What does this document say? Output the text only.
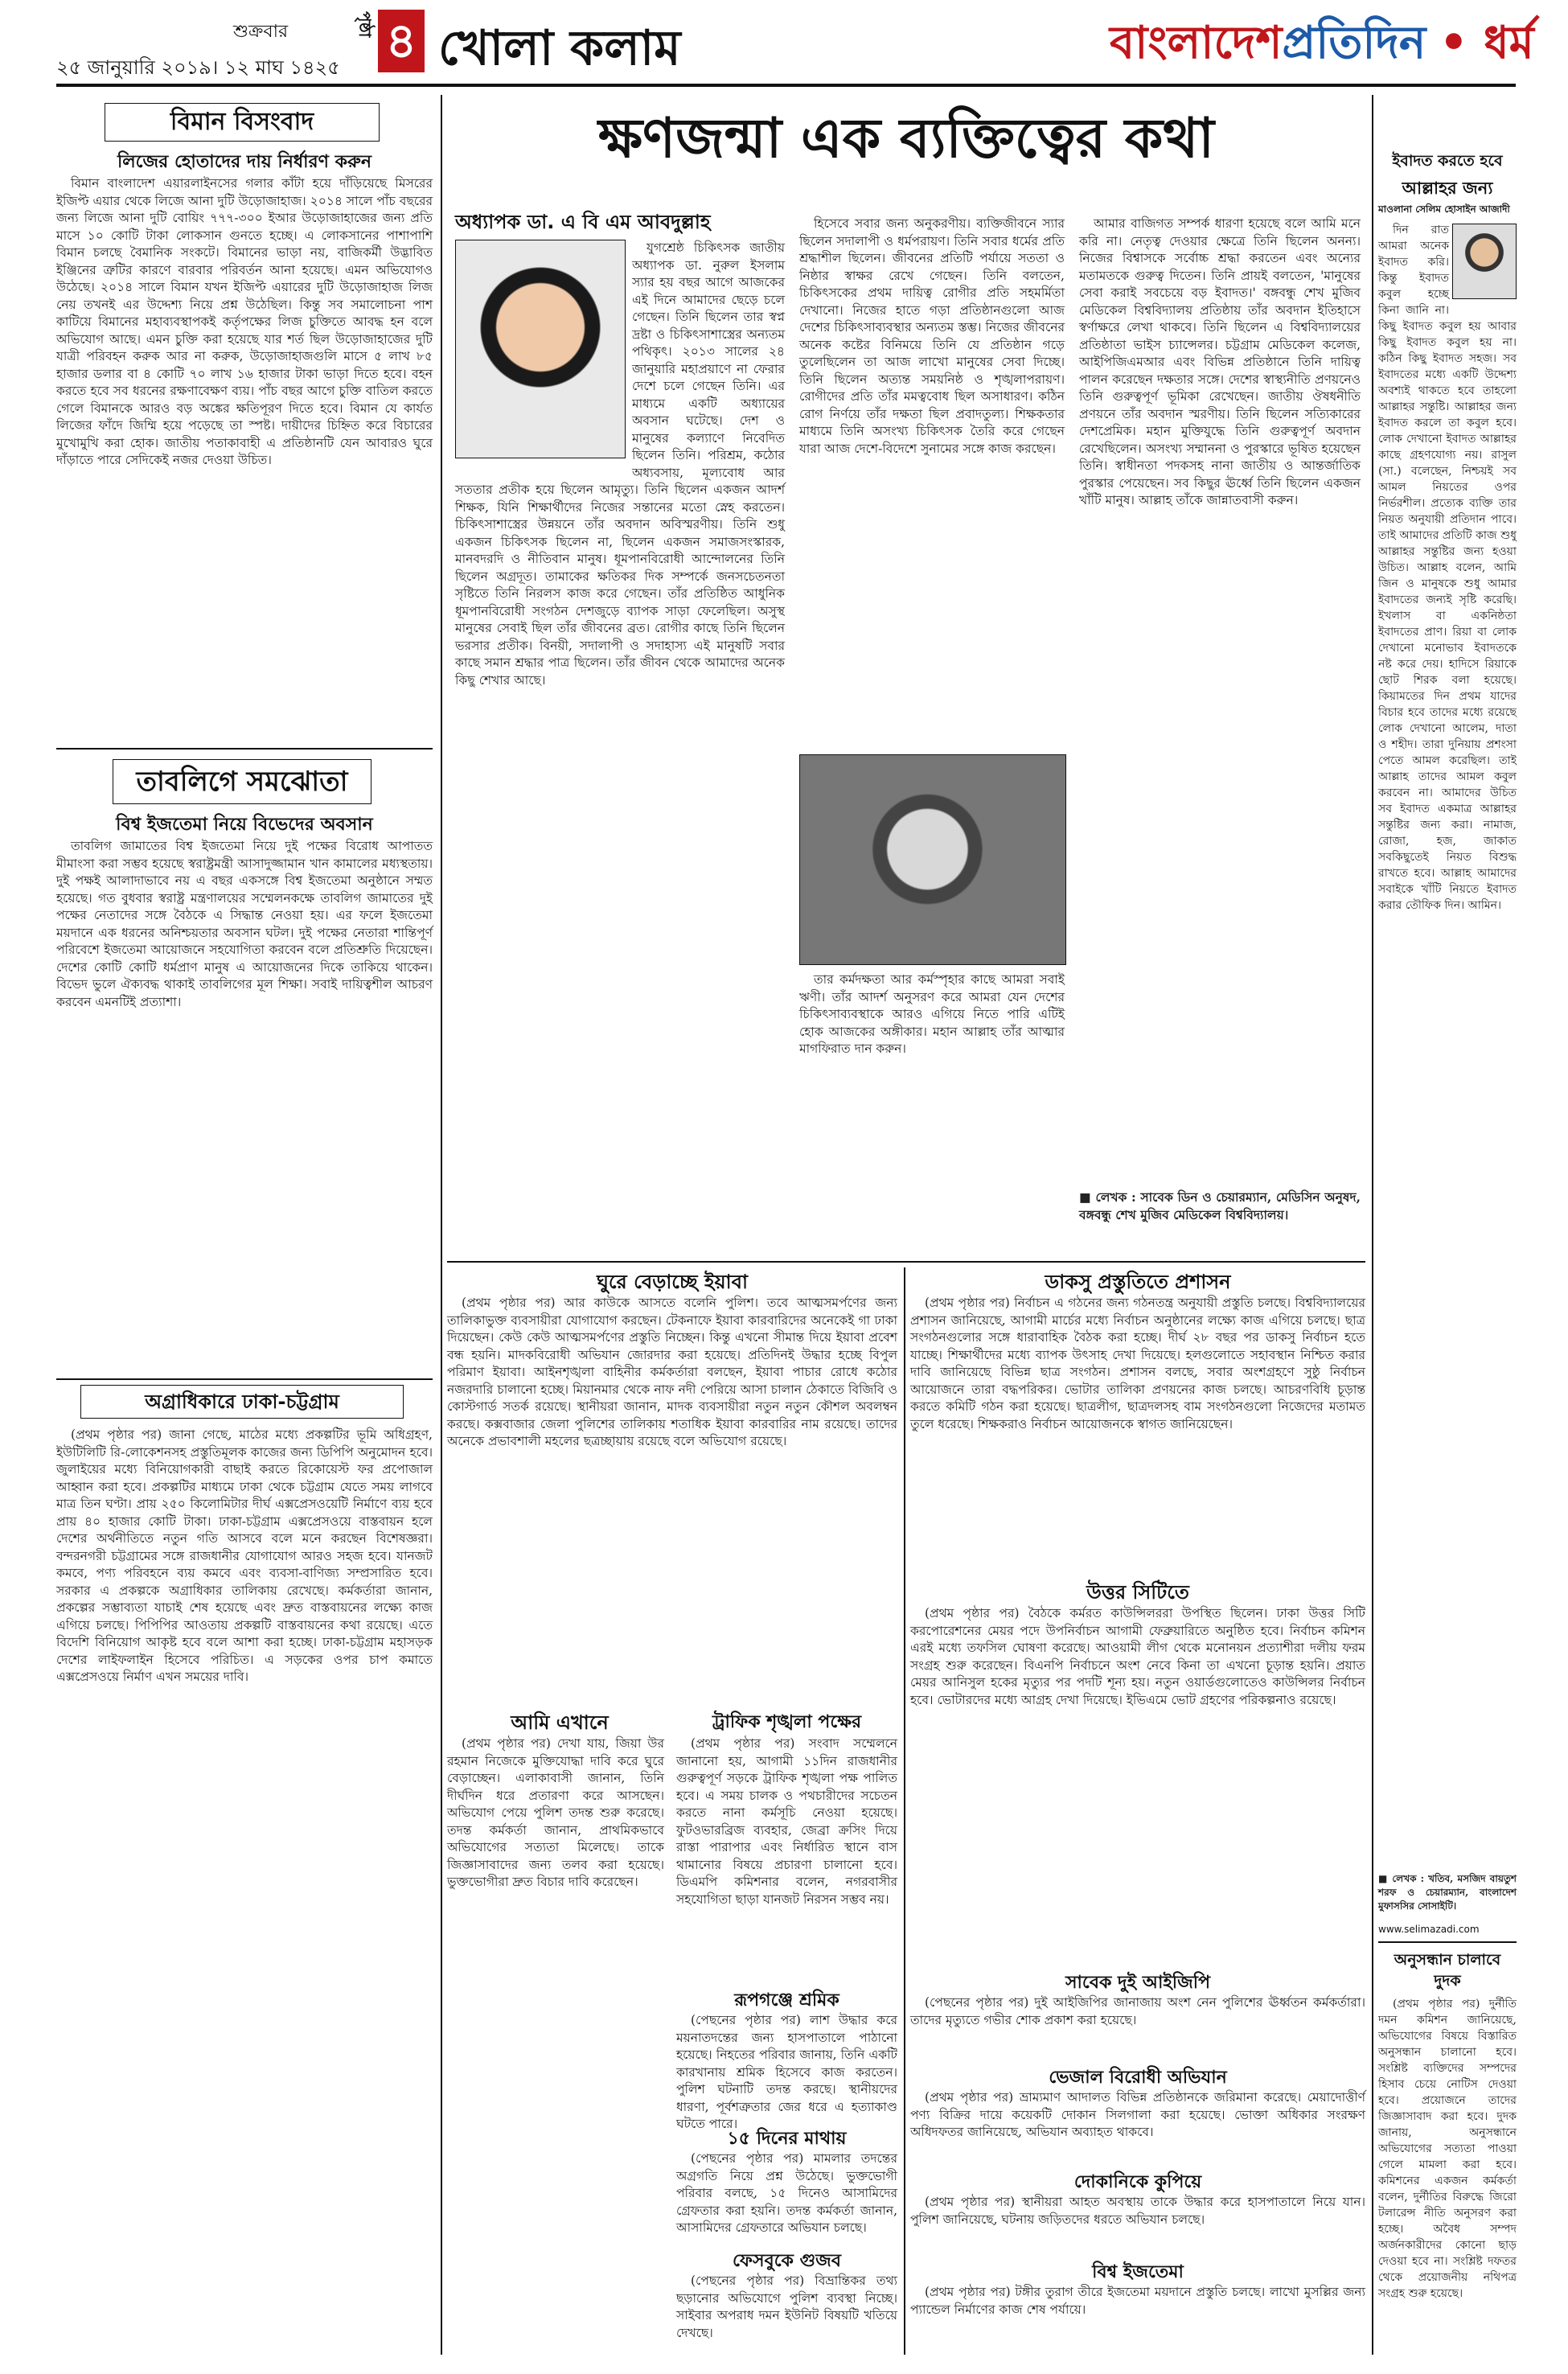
শুক্রবার
২৫ জানুয়ারি ২০১৯। ১২ মাঘ ১৪২৫
পৃষ্ঠা ৪ খোলা কলাম	বাংলাদেশপ্রতিদিন • ধর্ম
বিমান বিসংবাদ
লিজের হোতাদের দায় নির্ধারণ করুন

বিমান বাংলাদেশ এয়ারলাইনসের গলার কাঁটা হয়ে দাঁড়িয়েছে মিসরের ইজিপ্ট এয়ার থেকে লিজে আনা দুটি উড়োজাহাজ। ২০১৪ সালে পাঁচ বছরের জন্য লিজে আনা দুটি বোয়িং ৭৭৭-৩০০ ইআর উড়োজাহাজের জন্য প্রতি মাসে ১০ কোটি টাকা লোকসান গুনতে হচ্ছে। এ লোকসানের পাশাপাশি বিমান চলছে বৈমানিক সংকটে। বিমানের ভাড়া নয়, বাজিকর্মী উদ্ভাবিত ইঞ্জিনের ত্রুটির কারণে বারবার পরিবর্তন আনা হয়েছে। এমন অভিযোগও উঠেছে। ২০১৪ সালে বিমান যখন ইজিপ্ট এয়ারের দুটি উড়োজাহাজ লিজ নেয় তখনই এর উদ্দেশ্য নিয়ে প্রশ্ন উঠেছিল। কিন্তু সব সমালোচনা পাশ কাটিয়ে বিমানের মহাব্যবস্থাপকই কর্তৃপক্ষের লিজ চুক্তিতে আবদ্ধ হন বলে অভিযোগ আছে। এমন চুক্তি করা হয়েছে যার শর্ত ছিল উড়োজাহাজের দুটি যাত্রী পরিবহন করুক আর না করুক, উড়োজাহাজগুলি মাসে ৫ লাখ ৮৫ হাজার ডলার বা ৪ কোটি ৭০ লাখ ১৬ হাজার টাকা ভাড়া দিতে হবে। বহন করতে হবে সব ধরনের রক্ষণাবেক্ষণ ব্যয়। পাঁচ বছর আগে চুক্তি বাতিল করতে গেলে বিমানকে আরও বড় অঙ্কের ক্ষতিপূরণ দিতে হবে। বিমান যে কার্যত লিজের ফাঁদে জিম্মি হয়ে পড়েছে তা স্পষ্ট। দায়ীদের চিহ্নিত করে বিচারের মুখোমুখি করা হোক। জাতীয় পতাকাবাহী এ প্রতিষ্ঠানটি যেন আবারও ঘুরে দাঁড়াতে পারে সেদিকেই নজর দেওয়া উচিত।

তাবলিগে সমঝোতা
বিশ্ব ইজতেমা নিয়ে বিভেদের অবসান

তাবলিগ জামাতের বিশ্ব ইজতেমা নিয়ে দুই পক্ষের বিরোধ আপাতত মীমাংসা করা সম্ভব হয়েছে স্বরাষ্ট্রমন্ত্রী আসাদুজ্জামান খান কামালের মধ্যস্থতায়। দুই পক্ষই আলাদাভাবে নয় এ বছর একসঙ্গে বিশ্ব ইজতেমা অনুষ্ঠানে সম্মত হয়েছে। গত বুধবার স্বরাষ্ট্র মন্ত্রণালয়ের সম্মেলনকক্ষে তাবলিগ জামাতের দুই পক্ষের নেতাদের সঙ্গে বৈঠকে এ সিদ্ধান্ত নেওয়া হয়। এর ফলে ইজতেমা ময়দানে এক ধরনের অনিশ্চয়তার অবসান ঘটল। দুই পক্ষের নেতারা শান্তিপূর্ণ পরিবেশে ইজতেমা আয়োজনে সহযোগিতা করবেন বলে প্রতিশ্রুতি দিয়েছেন। দেশের কোটি কোটি ধর্মপ্রাণ মানুষ এ আয়োজনের দিকে তাকিয়ে থাকেন। বিভেদ ভুলে ঐক্যবদ্ধ থাকাই তাবলিগের মূল শিক্ষা। সবাই দায়িত্বশীল আচরণ করবেন এমনটিই প্রত্যাশা।

অগ্রাধিকারে ঢাকা-চট্টগ্রাম

(প্রথম পৃষ্ঠার পর) জানা গেছে, মাঠের মধ্যে প্রকল্পটির ভূমি অধিগ্রহণ, ইউটিলিটি রি-লোকেশনসহ প্রস্তুতিমূলক কাজের জন্য ডিপিপি অনুমোদন হবে। জুলাইয়ের মধ্যে বিনিয়োগকারী বাছাই করতে রিকোয়েস্ট ফর প্রপোজাল আহ্বান করা হবে। প্রকল্পটির মাধ্যমে ঢাকা থেকে চট্টগ্রাম যেতে সময় লাগবে মাত্র তিন ঘণ্টা। প্রায় ২৫০ কিলোমিটার দীর্ঘ এক্সপ্রেসওয়েটি নির্মাণে ব্যয় হবে প্রায় ৪০ হাজার কোটি টাকা। ঢাকা-চট্টগ্রাম এক্সপ্রেসওয়ে বাস্তবায়ন হলে দেশের অর্থনীতিতে নতুন গতি আসবে বলে মনে করছেন বিশেষজ্ঞরা। বন্দরনগরী চট্টগ্রামের সঙ্গে রাজধানীর যোগাযোগ আরও সহজ হবে। যানজট কমবে, পণ্য পরিবহনে ব্যয় কমবে এবং ব্যবসা-বাণিজ্য সম্প্রসারিত হবে। সরকার এ প্রকল্পকে অগ্রাধিকার তালিকায় রেখেছে। কর্মকর্তারা জানান, প্রকল্পের সম্ভাব্যতা যাচাই শেষ হয়েছে এবং দ্রুত বাস্তবায়নের লক্ষ্যে কাজ এগিয়ে চলছে। পিপিপির আওতায় প্রকল্পটি বাস্তবায়নের কথা রয়েছে। এতে বিদেশি বিনিয়োগ আকৃষ্ট হবে বলে আশা করা হচ্ছে। ঢাকা-চট্টগ্রাম মহাসড়ক দেশের লাইফলাইন হিসেবে পরিচিত। এ সড়কের ওপর চাপ কমাতে এক্সপ্রেসওয়ে নির্মাণ এখন সময়ের দাবি।

ক্ষণজন্মা এক ব্যক্তিত্বের কথা
অধ্যাপক ডা. এ বি এম আবদুল্লাহ

যুগশ্রেষ্ঠ চিকিৎসক জাতীয় অধ্যাপক ডা. নুরুল ইসলাম স্যার হয় বছর আগে আজকের এই দিনে আমাদের ছেড়ে চলে গেছেন। তিনি ছিলেন তার স্বপ্ন দ্রষ্টা ও চিকিৎসাশাস্ত্রের অন্যতম পথিকৃৎ। ২০১৩ সালের ২৪ জানুয়ারি মহাপ্রয়াণে না ফেরার দেশে চলে গেছেন তিনি। এর মাধ্যমে একটি অধ্যায়ের অবসান ঘটেছে। দেশ ও মানুষের কল্যাণে নিবেদিত ছিলেন তিনি। পরিশ্রম, কঠোর অধ্যবসায়, মূল্যবোধ আর সততার প্রতীক হয়ে ছিলেন আমৃত্যু। তিনি ছিলেন একজন আদর্শ শিক্ষক, যিনি শিক্ষার্থীদের নিজের সন্তানের মতো স্নেহ করতেন। চিকিৎসাশাস্ত্রের উন্নয়নে তাঁর অবদান অবিস্মরণীয়। তিনি শুধু একজন চিকিৎসক ছিলেন না, ছিলেন একজন সমাজসংস্কারক, মানবদরদি ও নীতিবান মানুষ। ধূমপানবিরোধী আন্দোলনের তিনি ছিলেন অগ্রদূত। তামাকের ক্ষতিকর দিক সম্পর্কে জনসচেতনতা সৃষ্টিতে তিনি নিরলস কাজ করে গেছেন। তাঁর প্রতিষ্ঠিত আধুনিক ধূমপানবিরোধী সংগঠন দেশজুড়ে ব্যাপক সাড়া ফেলেছিল। অসুস্থ মানুষের সেবাই ছিল তাঁর জীবনের ব্রত। রোগীর কাছে তিনি ছিলেন ভরসার প্রতীক। বিনয়ী, সদালাপী ও সদাহাস্য এই মানুষটি সবার কাছে সমান শ্রদ্ধার পাত্র ছিলেন। তাঁর জীবন থেকে আমাদের অনেক কিছু শেখার আছে।

হিসেবে সবার জন্য অনুকরণীয়। ব্যক্তিজীবনে স্যার ছিলেন সদালাপী ও ধর্মপরায়ণ। তিনি সবার ধর্মের প্রতি শ্রদ্ধাশীল ছিলেন। জীবনের প্রতিটি পর্যায়ে সততা ও নিষ্ঠার স্বাক্ষর রেখে গেছেন। তিনি বলতেন, চিকিৎসকের প্রথম দায়িত্ব রোগীর প্রতি সহমর্মিতা দেখানো। নিজের হাতে গড়া প্রতিষ্ঠানগুলো আজ দেশের চিকিৎসাব্যবস্থার অন্যতম স্তম্ভ। নিজের জীবনের অনেক কষ্টের বিনিময়ে তিনি যে প্রতিষ্ঠান গড়ে তুলেছিলেন তা আজ লাখো মানুষের সেবা দিচ্ছে। তিনি ছিলেন অত্যন্ত সময়নিষ্ঠ ও শৃঙ্খলাপরায়ণ। রোগীদের প্রতি তাঁর মমত্ববোধ ছিল অসাধারণ। কঠিন রোগ নির্ণয়ে তাঁর দক্ষতা ছিল প্রবাদতুল্য। শিক্ষকতার মাধ্যমে তিনি অসংখ্য চিকিৎসক তৈরি করে গেছেন যারা আজ দেশে-বিদেশে সুনামের সঙ্গে কাজ করছেন।

তার কর্মদক্ষতা আর কর্মস্পৃহার কাছে আমরা সবাই ঋণী। তাঁর আদর্শ অনুসরণ করে আমরা যেন দেশের চিকিৎসাব্যবস্থাকে আরও এগিয়ে নিতে পারি এটিই হোক আজকের অঙ্গীকার। মহান আল্লাহ তাঁর আত্মার মাগফিরাত দান করুন।

আমার বাজিগত সম্পর্ক ধারণা হয়েছে বলে আমি মনে করি না। নেতৃত্ব দেওয়ার ক্ষেত্রে তিনি ছিলেন অনন্য। নিজের বিশ্বাসকে সর্বোচ্চ শ্রদ্ধা করতেন এবং অন্যের মতামতকে গুরুত্ব দিতেন। তিনি প্রায়ই বলতেন, 'মানুষের সেবা করাই সবচেয়ে বড় ইবাদত।' বঙ্গবন্ধু শেখ মুজিব মেডিকেল বিশ্ববিদ্যালয় প্রতিষ্ঠায় তাঁর অবদান ইতিহাসে স্বর্ণাক্ষরে লেখা থাকবে। তিনি ছিলেন এ বিশ্ববিদ্যালয়ের প্রতিষ্ঠাতা ভাইস চ্যান্সেলর। চট্টগ্রাম মেডিকেল কলেজ, আইপিজিএমআর এবং বিভিন্ন প্রতিষ্ঠানে তিনি দায়িত্ব পালন করেছেন দক্ষতার সঙ্গে। দেশের স্বাস্থ্যনীতি প্রণয়নেও তিনি গুরুত্বপূর্ণ ভূমিকা রেখেছেন। জাতীয় ঔষধনীতি প্রণয়নে তাঁর অবদান স্মরণীয়। তিনি ছিলেন সত্যিকারের দেশপ্রেমিক। মহান মুক্তিযুদ্ধে তিনি গুরুত্বপূর্ণ অবদান রেখেছিলেন। অসংখ্য সম্মাননা ও পুরস্কারে ভূষিত হয়েছেন তিনি। স্বাধীনতা পদকসহ নানা জাতীয় ও আন্তর্জাতিক পুরস্কার পেয়েছেন। সব কিছুর ঊর্ধ্বে তিনি ছিলেন একজন খাঁটি মানুষ। আল্লাহ তাঁকে জান্নাতবাসী করুন।

■ লেখক : সাবেক ডিন ও চেয়ারম্যান, মেডিসিন অনুষদ, বঙ্গবন্ধু শেখ মুজিব মেডিকেল বিশ্ববিদ্যালয়।
ঘুরে বেড়াচ্ছে ইয়াবা

(প্রথম পৃষ্ঠার পর) আর কাউকে আসতে বলেনি পুলিশ। তবে আত্মসমর্পণের জন্য তালিকাভুক্ত ব্যবসায়ীরা যোগাযোগ করছেন। টেকনাফে ইয়াবা কারবারিদের অনেকেই গা ঢাকা দিয়েছেন। কেউ কেউ আত্মসমর্পণের প্রস্তুতি নিচ্ছেন। কিন্তু এখনো সীমান্ত দিয়ে ইয়াবা প্রবেশ বন্ধ হয়নি। মাদকবিরোধী অভিযান জোরদার করা হয়েছে। প্রতিদিনই উদ্ধার হচ্ছে বিপুল পরিমাণ ইয়াবা। আইনশৃঙ্খলা বাহিনীর কর্মকর্তারা বলছেন, ইয়াবা পাচার রোধে কঠোর নজরদারি চালানো হচ্ছে। মিয়ানমার থেকে নাফ নদী পেরিয়ে আসা চালান ঠেকাতে বিজিবি ও কোস্টগার্ড সতর্ক রয়েছে। স্থানীয়রা জানান, মাদক ব্যবসায়ীরা নতুন নতুন কৌশল অবলম্বন করছে। কক্সবাজার জেলা পুলিশের তালিকায় শতাধিক ইয়াবা কারবারির নাম রয়েছে। তাদের অনেকে প্রভাবশালী মহলের ছত্রচ্ছায়ায় রয়েছে বলে অভিযোগ রয়েছে।

আমি এখানে

(প্রথম পৃষ্ঠার পর) দেখা যায়, জিয়া উর রহমান নিজেকে মুক্তিযোদ্ধা দাবি করে ঘুরে বেড়াচ্ছেন। এলাকাবাসী জানান, তিনি দীর্ঘদিন ধরে প্রতারণা করে আসছেন। অভিযোগ পেয়ে পুলিশ তদন্ত শুরু করেছে। তদন্ত কর্মকর্তা জানান, প্রাথমিকভাবে অভিযোগের সত্যতা মিলেছে। তাকে জিজ্ঞাসাবাদের জন্য তলব করা হয়েছে। ভুক্তভোগীরা দ্রুত বিচার দাবি করেছেন।

ট্রাফিক শৃঙ্খলা পক্ষের

(প্রথম পৃষ্ঠার পর) সংবাদ সম্মেলনে জানানো হয়, আগামী ১১দিন রাজধানীর গুরুত্বপূর্ণ সড়কে ট্রাফিক শৃঙ্খলা পক্ষ পালিত হবে। এ সময় চালক ও পথচারীদের সচেতন করতে নানা কর্মসূচি নেওয়া হয়েছে। ফুটওভারব্রিজ ব্যবহার, জেব্রা ক্রসিং দিয়ে রাস্তা পারাপার এবং নির্ধারিত স্থানে বাস থামানোর বিষয়ে প্রচারণা চালানো হবে। ডিএমপি কমিশনার বলেন, নগরবাসীর সহযোগিতা ছাড়া যানজট নিরসন সম্ভব নয়।

রূপগঞ্জে শ্রমিক

(পেছনের পৃষ্ঠার পর) লাশ উদ্ধার করে ময়নাতদন্তের জন্য হাসপাতালে পাঠানো হয়েছে। নিহতের পরিবার জানায়, তিনি একটি কারখানায় শ্রমিক হিসেবে কাজ করতেন। পুলিশ ঘটনাটি তদন্ত করছে। স্থানীয়দের ধারণা, পূর্বশত্রুতার জের ধরে এ হত্যাকাণ্ড ঘটতে পারে।

১৫ দিনের মাথায়

(পেছনের পৃষ্ঠার পর) মামলার তদন্তের অগ্রগতি নিয়ে প্রশ্ন উঠেছে। ভুক্তভোগী পরিবার বলছে, ১৫ দিনেও আসামিদের গ্রেফতার করা হয়নি। তদন্ত কর্মকর্তা জানান, আসামিদের গ্রেফতারে অভিযান চলছে।

ফেসবুকে গুজব

(পেছনের পৃষ্ঠার পর) বিভ্রান্তিকর তথ্য ছড়ানোর অভিযোগে পুলিশ ব্যবস্থা নিচ্ছে। সাইবার অপরাধ দমন ইউনিট বিষয়টি খতিয়ে দেখছে।

ডাকসু প্রস্তুতিতে প্রশাসন

(প্রথম পৃষ্ঠার পর) নির্বাচন এ গঠনের জন্য গঠনতন্ত্র অনুযায়ী প্রস্তুতি চলছে। বিশ্ববিদ্যালয়ের প্রশাসন জানিয়েছে, আগামী মার্চের মধ্যে নির্বাচন অনুষ্ঠানের লক্ষ্যে কাজ এগিয়ে চলছে। ছাত্র সংগঠনগুলোর সঙ্গে ধারাবাহিক বৈঠক করা হচ্ছে। দীর্ঘ ২৮ বছর পর ডাকসু নির্বাচন হতে যাচ্ছে। শিক্ষার্থীদের মধ্যে ব্যাপক উৎসাহ দেখা দিয়েছে। হলগুলোতে সহাবস্থান নিশ্চিত করার দাবি জানিয়েছে বিভিন্ন ছাত্র সংগঠন। প্রশাসন বলছে, সবার অংশগ্রহণে সুষ্ঠু নির্বাচন আয়োজনে তারা বদ্ধপরিকর। ভোটার তালিকা প্রণয়নের কাজ চলছে। আচরণবিধি চূড়ান্ত করতে কমিটি গঠন করা হয়েছে। ছাত্রলীগ, ছাত্রদলসহ বাম সংগঠনগুলো নিজেদের মতামত তুলে ধরেছে। শিক্ষকরাও নির্বাচন আয়োজনকে স্বাগত জানিয়েছেন।

উত্তর সিটিতে

(প্রথম পৃষ্ঠার পর) বৈঠকে কর্মরত কাউন্সিলররা উপস্থিত ছিলেন। ঢাকা উত্তর সিটি করপোরেশনের মেয়র পদে উপনির্বাচন আগামী ফেব্রুয়ারিতে অনুষ্ঠিত হবে। নির্বাচন কমিশন এরই মধ্যে তফসিল ঘোষণা করেছে। আওয়ামী লীগ থেকে মনোনয়ন প্রত্যাশীরা দলীয় ফরম সংগ্রহ শুরু করেছেন। বিএনপি নির্বাচনে অংশ নেবে কিনা তা এখনো চূড়ান্ত হয়নি। প্রয়াত মেয়র আনিসুল হকের মৃত্যুর পর পদটি শূন্য হয়। নতুন ওয়ার্ডগুলোতেও কাউন্সিলর নির্বাচন হবে। ভোটারদের মধ্যে আগ্রহ দেখা দিয়েছে। ইভিএমে ভোট গ্রহণের পরিকল্পনাও রয়েছে।

সাবেক দুই আইজিপি

(পেছনের পৃষ্ঠার পর) দুই আইজিপির জানাজায় অংশ নেন পুলিশের ঊর্ধ্বতন কর্মকর্তারা। তাদের মৃত্যুতে গভীর শোক প্রকাশ করা হয়েছে।

ভেজাল বিরোধী অভিযান

(প্রথম পৃষ্ঠার পর) ভ্রাম্যমাণ আদালত বিভিন্ন প্রতিষ্ঠানকে জরিমানা করেছে। মেয়াদোত্তীর্ণ পণ্য বিক্রির দায়ে কয়েকটি দোকান সিলগালা করা হয়েছে। ভোক্তা অধিকার সংরক্ষণ অধিদফতর জানিয়েছে, অভিযান অব্যাহত থাকবে।

দোকানিকে কুপিয়ে

(প্রথম পৃষ্ঠার পর) স্থানীয়রা আহত অবস্থায় তাকে উদ্ধার করে হাসপাতালে নিয়ে যান। পুলিশ জানিয়েছে, ঘটনায় জড়িতদের ধরতে অভিযান চলছে।

বিশ্ব ইজতেমা

(প্রথম পৃষ্ঠার পর) টঙ্গীর তুরাগ তীরে ইজতেমা ময়দানে প্রস্তুতি চলছে। লাখো মুসল্লির জন্য প্যান্ডেল নির্মাণের কাজ শেষ পর্যায়ে।

ইবাদত করতে হবে
আল্লাহর জন্য
মাওলানা সেলিম হোসাইন আজাদী

দিন রাত আমরা অনেক ইবাদত করি। কিন্তু ইবাদত কবুল হচ্ছে কিনা জানি না। কিছু ইবাদত কবুল হয় আবার কিছু ইবাদত কবুল হয় না। কঠিন কিছু ইবাদত সহজ। সব ইবাদতের মধ্যে একটি উদ্দেশ্য অবশ্যই থাকতে হবে তাহলো আল্লাহর সন্তুষ্টি। আল্লাহর জন্য ইবাদত করলে তা কবুল হবে। লোক দেখানো ইবাদত আল্লাহর কাছে গ্রহণযোগ্য নয়। রাসুল (সা.) বলেছেন, নিশ্চয়ই সব আমল নিয়তের ওপর নির্ভরশীল। প্রত্যেক ব্যক্তি তার নিয়ত অনুযায়ী প্রতিদান পাবে। তাই আমাদের প্রতিটি কাজ শুধু আল্লাহর সন্তুষ্টির জন্য হওয়া উচিত। আল্লাহ বলেন, আমি জিন ও মানুষকে শুধু আমার ইবাদতের জন্যই সৃষ্টি করেছি। ইখলাস বা একনিষ্ঠতা ইবাদতের প্রাণ। রিয়া বা লোক দেখানো মনোভাব ইবাদতকে নষ্ট করে দেয়। হাদিসে রিয়াকে ছোট শিরক বলা হয়েছে। কিয়ামতের দিন প্রথম যাদের বিচার হবে তাদের মধ্যে রয়েছে লোক দেখানো আলেম, দাতা ও শহীদ। তারা দুনিয়ায় প্রশংসা পেতে আমল করেছিল। তাই আল্লাহ তাদের আমল কবুল করবেন না। আমাদের উচিত সব ইবাদত একমাত্র আল্লাহর সন্তুষ্টির জন্য করা। নামাজ, রোজা, হজ, জাকাত সবকিছুতেই নিয়ত বিশুদ্ধ রাখতে হবে। আল্লাহ আমাদের সবাইকে খাঁটি নিয়তে ইবাদত করার তৌফিক দিন। আমিন।

■ লেখক : খতিব, মসজিদ বায়তুশ শরফ ও চেয়ারম্যান, বাংলাদেশ মুফাসসির সোসাইটি।
www.selimazadi.com
অনুসন্ধান চালাবে দুদক

(প্রথম পৃষ্ঠার পর) দুর্নীতি দমন কমিশন জানিয়েছে, অভিযোগের বিষয়ে বিস্তারিত অনুসন্ধান চালানো হবে। সংশ্লিষ্ট ব্যক্তিদের সম্পদের হিসাব চেয়ে নোটিস দেওয়া হবে। প্রয়োজনে তাদের জিজ্ঞাসাবাদ করা হবে। দুদক জানায়, অনুসন্ধানে অভিযোগের সত্যতা পাওয়া গেলে মামলা করা হবে। কমিশনের একজন কর্মকর্তা বলেন, দুর্নীতির বিরুদ্ধে জিরো টলারেন্স নীতি অনুসরণ করা হচ্ছে। অবৈধ সম্পদ অর্জনকারীদের কোনো ছাড় দেওয়া হবে না। সংশ্লিষ্ট দফতর থেকে প্রয়োজনীয় নথিপত্র সংগ্রহ শুরু হয়েছে।
